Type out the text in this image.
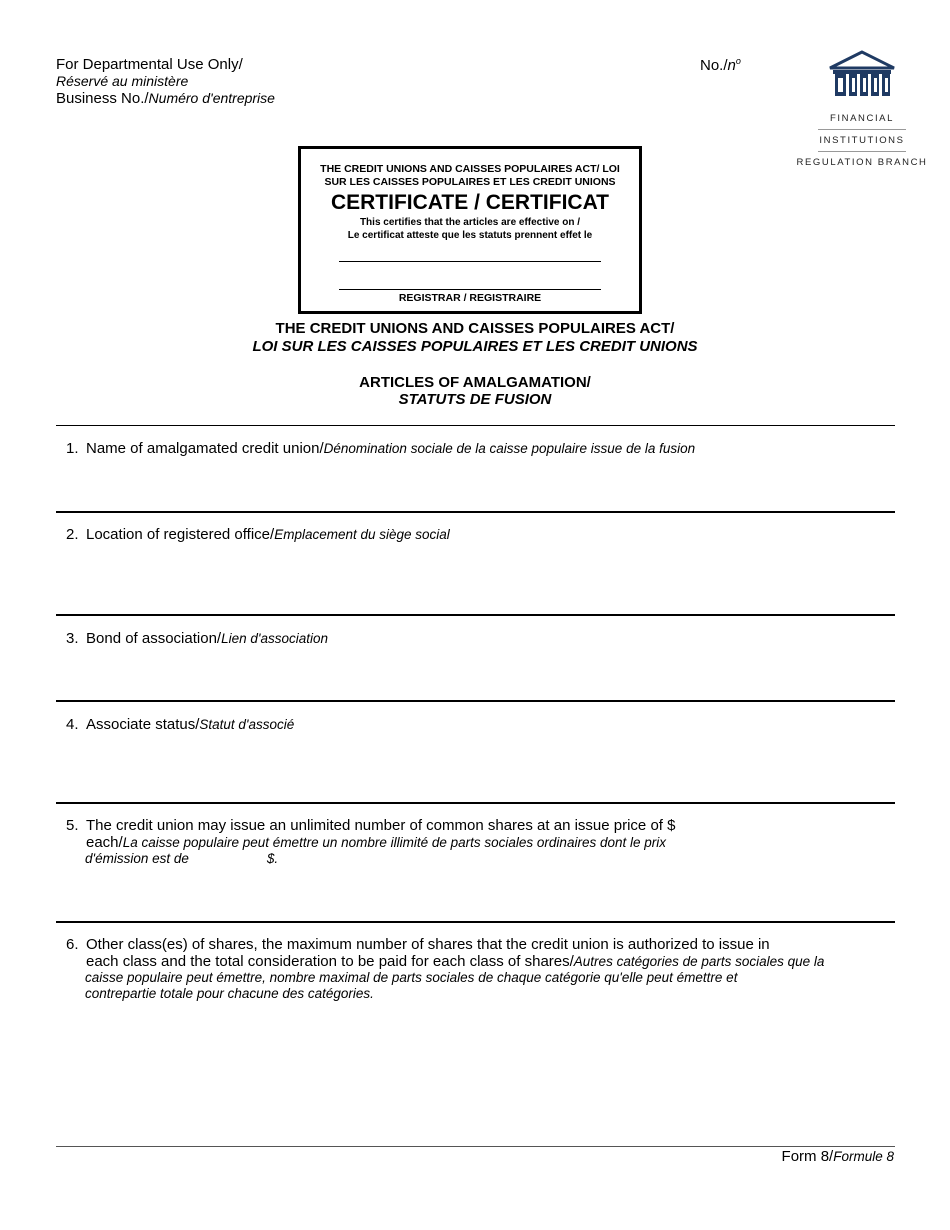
For Departmental Use Only/
Réservé au ministère
Business No./Numéro d'entreprise
$No./n^o$
FINANCIAL
INSTITUTIONS
REGULATION BRANCH
THE CREDIT UNIONS AND CAISSES POPULAIRES ACT/ LOI
SUR LES CAISSES POPULAIRES ET LES CREDIT UNIONS
CERTIFICATE / CERTIFICAT
This certifies that the articles are effective on /
Le certificat atteste que les statuts prennent effet le
REGISTRAR / REGISTRAIRE
THE CREDIT UNIONS AND CAISSES POPULAIRES ACT/
LOI SUR LES CAISSES POPULAIRES ET LES CREDIT UNIONS
ARTICLES OF AMALGAMATION/
STATUTS DE FUSION
1. Name of amalgamated credit union/Dénomination sociale de la caisse populaire issue de la fusion
2. Location of registered office/Emplacement du siège social
3. Bond of association/Lien d'association
4. Associate status/Statut d'associé
5. The credit union may issue an unlimited number of common shares at an issue price of $
each/La caisse populaire peut émettre un nombre illimité de parts sociales ordinaires dont le prix
d'émission est de	$.
6. Other class(es) of shares, the maximum number of shares that the credit union is authorized to issue in
each class and the total consideration to be paid for each class of shares/Autres catégories de parts sociales que la
caisse populaire peut émettre, nombre maximal de parts sociales de chaque catégorie qu'elle peut émettre et
contrepartie totale pour chacune des catégories.
Form 8/Formule 8
